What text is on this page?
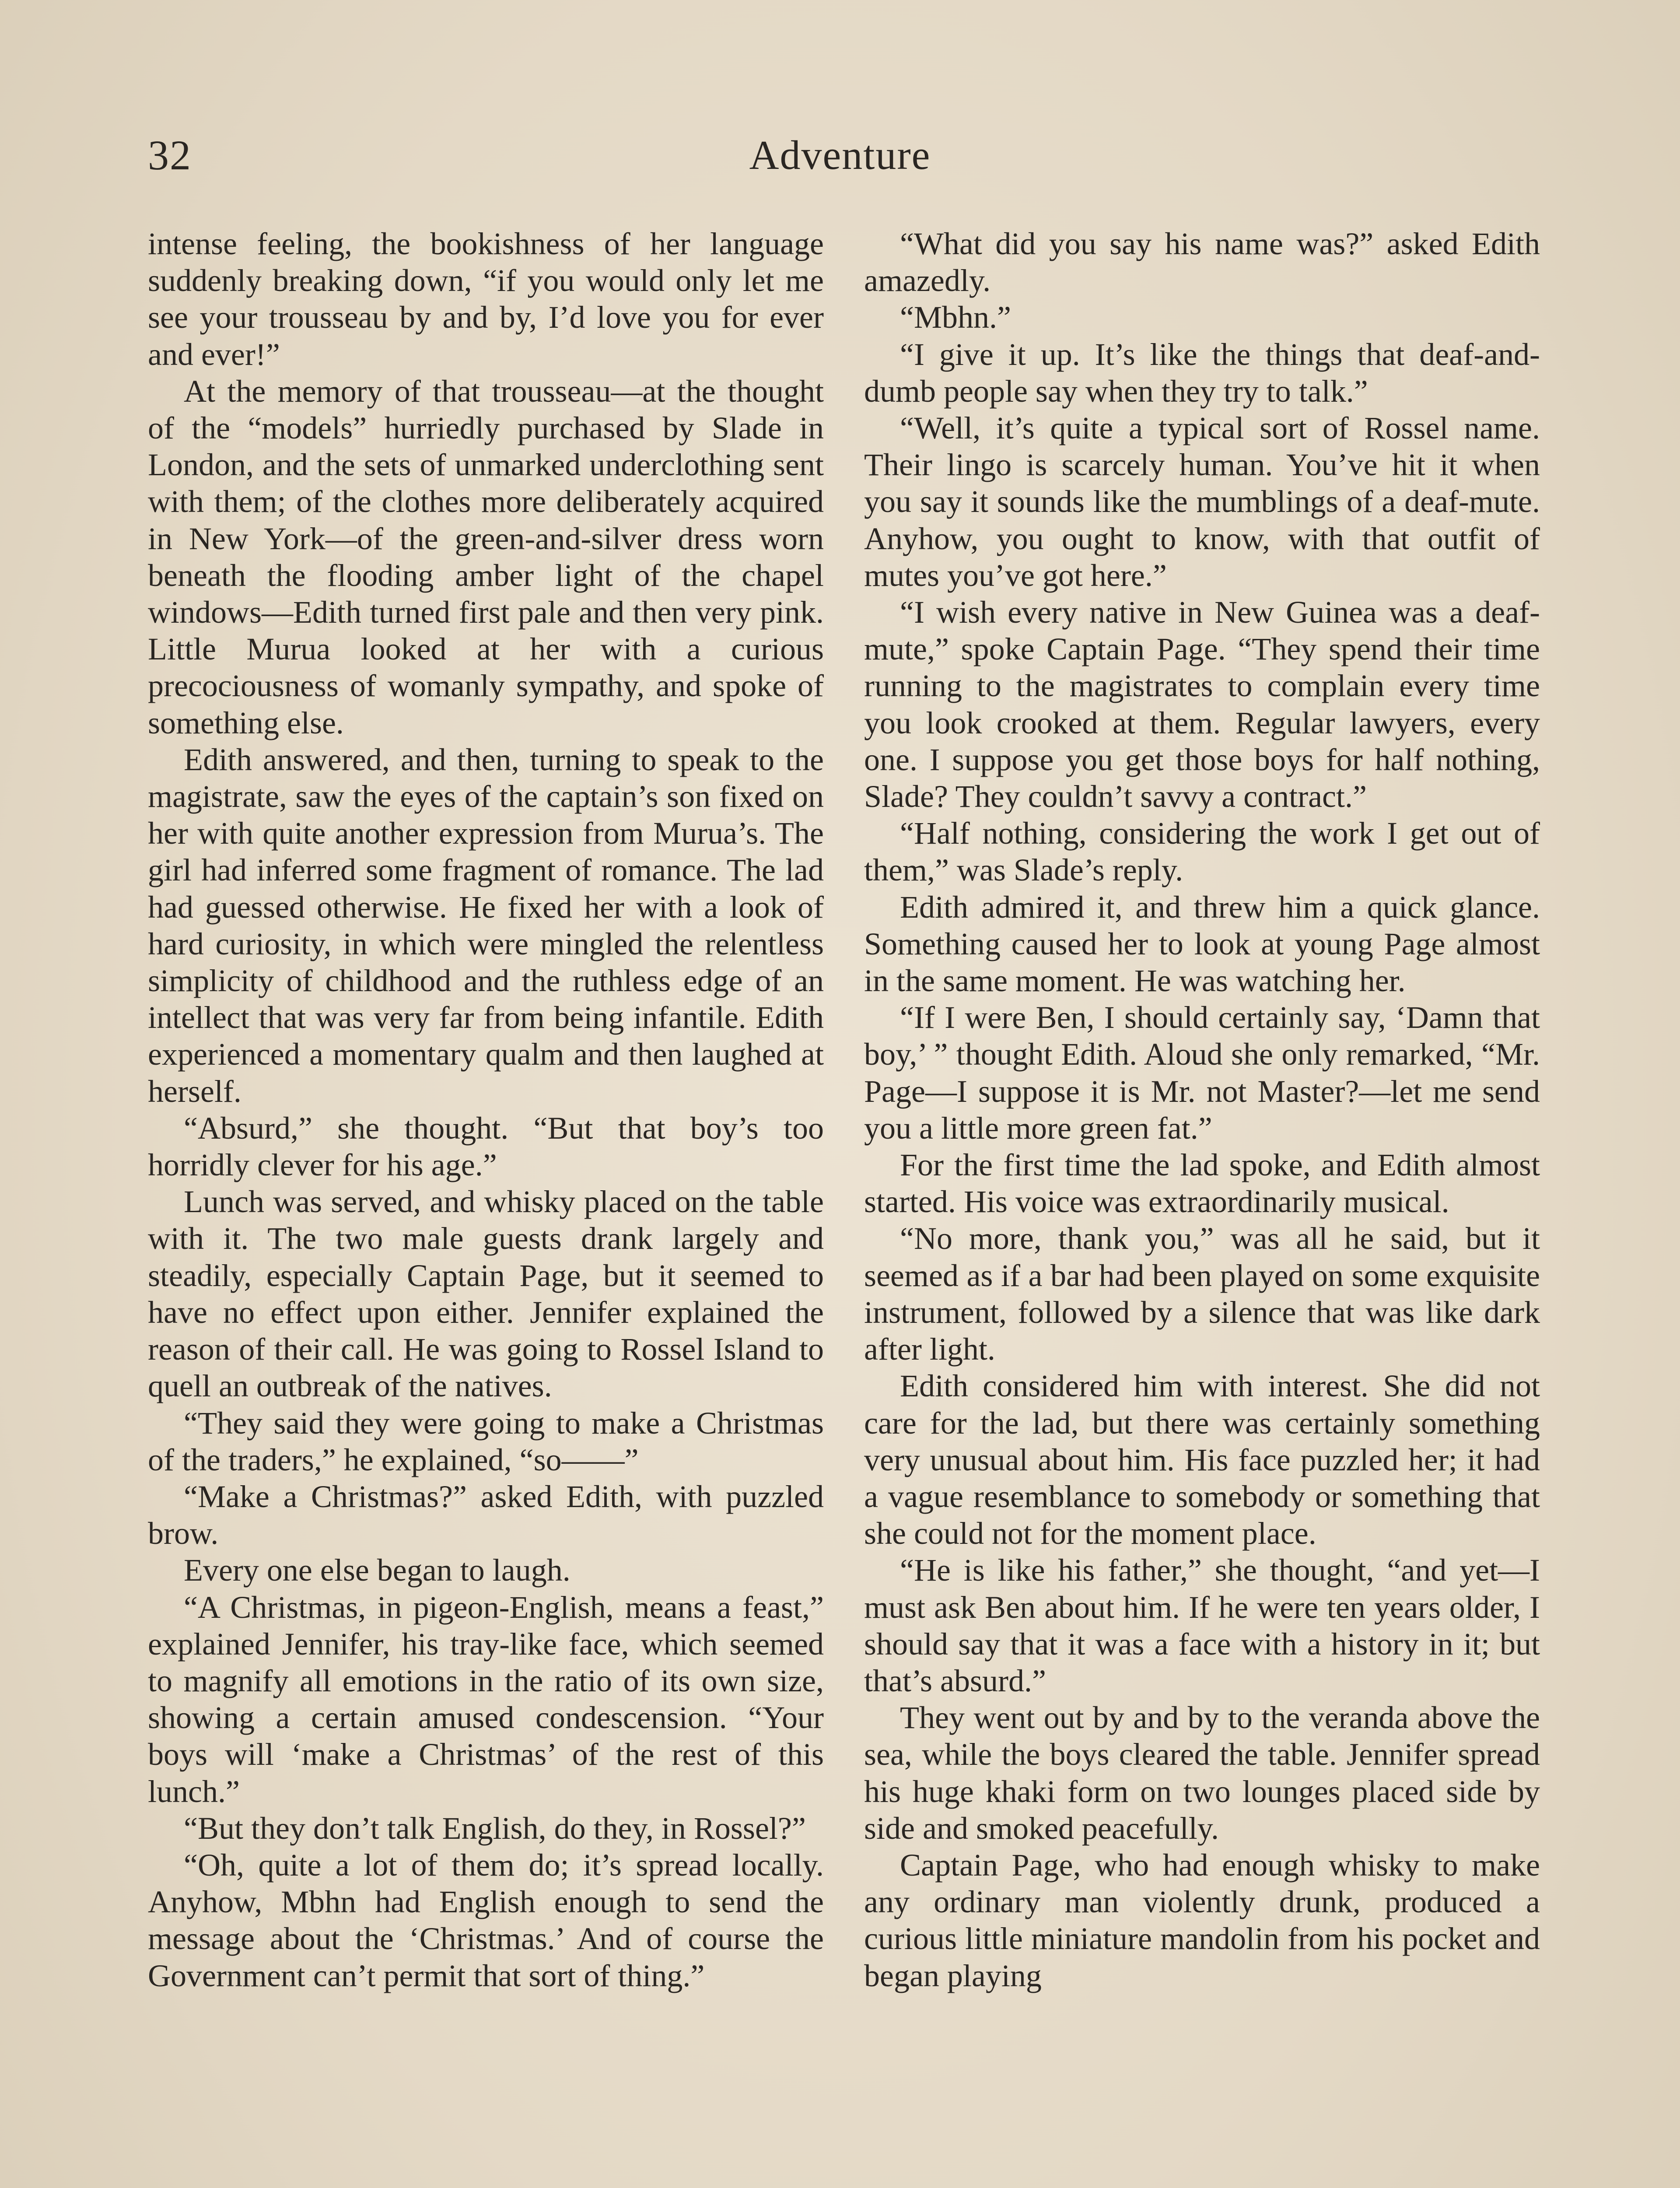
32	Adventure

intense feeling, the bookishness of her language suddenly breaking down, “if you would only let me see your trousseau by and by, I’d love you for ever and ever!”

At the memory of that trousseau—at the thought of the “models” hurriedly purchased by Slade in London, and the sets of unmarked underclothing sent with them; of the clothes more deliberately acquired in New York—of the green-and-silver dress worn beneath the flooding amber light of the chapel windows—Edith turned first pale and then very pink. Little Murua looked at her with a curious precociousness of womanly sympathy, and spoke of something else.

Edith answered, and then, turning to speak to the magistrate, saw the eyes of the captain’s son fixed on her with quite another expression from Murua’s. The girl had inferred some fragment of romance. The lad had guessed otherwise. He fixed her with a look of hard curiosity, in which were mingled the relentless simplicity of childhood and the ruthless edge of an intellect that was very far from being infantile. Edith experienced a momentary qualm and then laughed at herself.

“Absurd,” she thought. “But that boy’s too horridly clever for his age.”

Lunch was served, and whisky placed on the table with it. The two male guests drank largely and steadily, especially Captain Page, but it seemed to have no effect upon either. Jennifer explained the reason of their call. He was going to Rossel Island to quell an outbreak of the natives.

“They said they were going to make a Christmas of the traders,” he explained, “so——”

“Make a Christmas?” asked Edith, with puzzled brow.

Every one else began to laugh.

“A Christmas, in pigeon-English, means a feast,” explained Jennifer, his tray-like face, which seemed to magnify all emotions in the ratio of its own size, showing a certain amused condescension. “Your boys will ‘make a Christmas’ of the rest of this lunch.”

“But they don’t talk English, do they, in Rossel?”

“Oh, quite a lot of them do; it’s spread locally. Anyhow, Mbhn had English enough to send the message about the ‘Christmas.’ And of course the Government can’t permit that sort of thing.”

“What did you say his name was?” asked Edith amazedly.

“Mbhn.”

“I give it up. It’s like the things that deaf-and-dumb people say when they try to talk.”

“Well, it’s quite a typical sort of Rossel name. Their lingo is scarcely human. You’ve hit it when you say it sounds like the mumblings of a deaf-mute. Anyhow, you ought to know, with that outfit of mutes you’ve got here.”

“I wish every native in New Guinea was a deaf-mute,” spoke Captain Page. “They spend their time running to the magistrates to complain every time you look crooked at them. Regular lawyers, every one. I suppose you get those boys for half nothing, Slade? They couldn’t savvy a contract.”

“Half nothing, considering the work I get out of them,” was Slade’s reply.

Edith admired it, and threw him a quick glance. Something caused her to look at young Page almost in the same moment. He was watching her.

“If I were Ben, I should certainly say, ‘Damn that boy,’ ” thought Edith. Aloud she only remarked, “Mr. Page—I suppose it is Mr. not Master?—let me send you a little more green fat.”

For the first time the lad spoke, and Edith almost started. His voice was extraordinarily musical.

“No more, thank you,” was all he said, but it seemed as if a bar had been played on some exquisite instrument, followed by a silence that was like dark after light.

Edith considered him with interest. She did not care for the lad, but there was certainly something very unusual about him. His face puzzled her; it had a vague resemblance to somebody or something that she could not for the moment place.

“He is like his father,” she thought, “and yet—I must ask Ben about him. If he were ten years older, I should say that it was a face with a history in it; but that’s absurd.”

They went out by and by to the veranda above the sea, while the boys cleared the table. Jennifer spread his huge khaki form on two lounges placed side by side and smoked peacefully.

Captain Page, who had enough whisky to make any ordinary man violently drunk, produced a curious little miniature mandolin from his pocket and began playing
